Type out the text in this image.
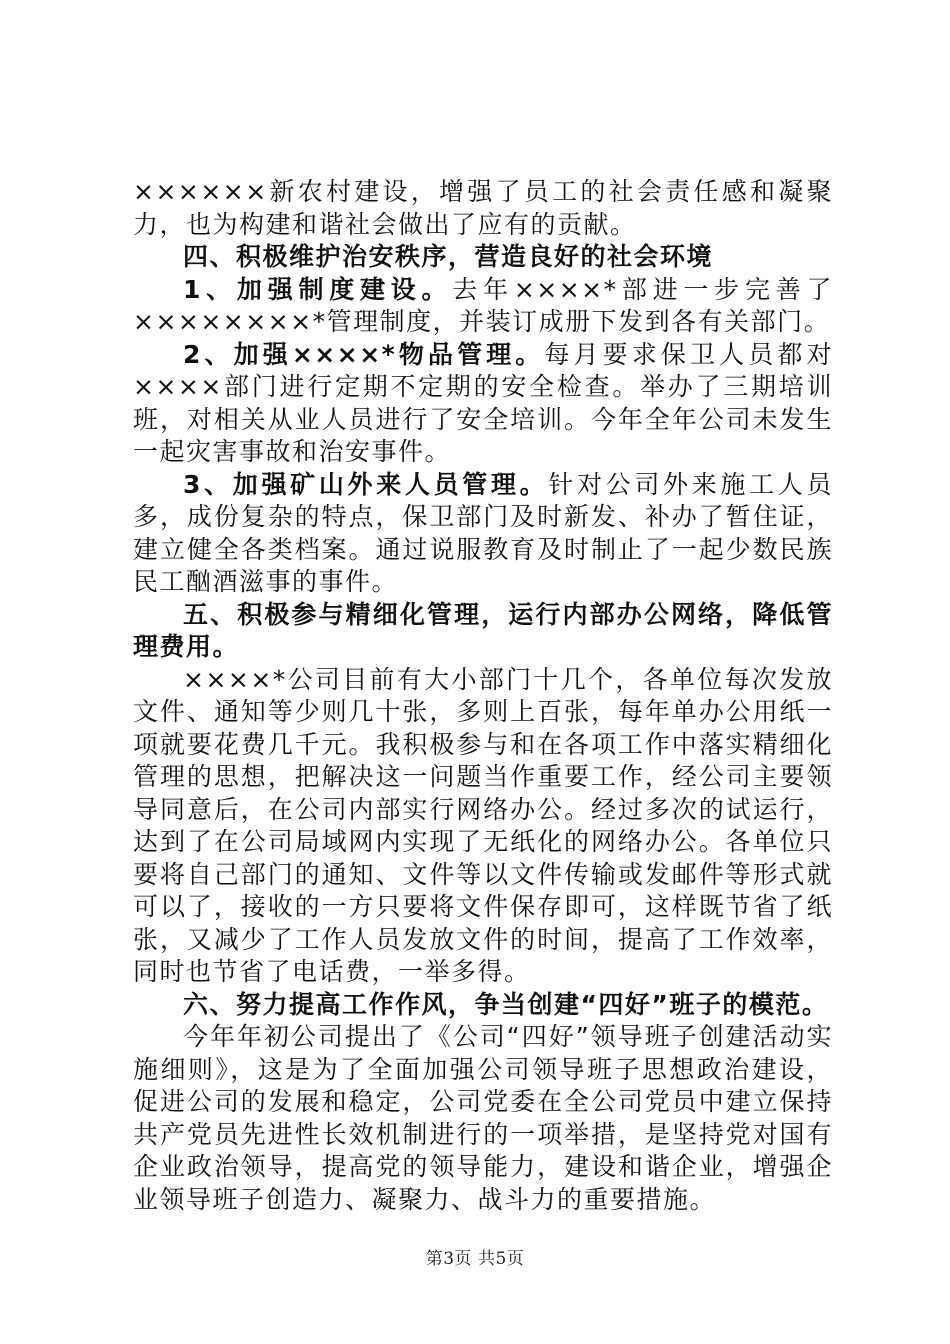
××××××新农村建设，增强了员工的社会责任感和凝聚力，也为构建和谐社会做出了应有的贡献。

四、积极维护治安秩序，营造良好的社会环境

1、加强制度建设。去年××××*部进一步完善了××××××××*管理制度，并装订成册下发到各有关部门。

2、加强××××*物品管理。每月要求保卫人员都对××××部门进行定期不定期的安全检查。举办了三期培训班，对相关从业人员进行了安全培训。今年全年公司未发生一起灾害事故和治安事件。

3、加强矿山外来人员管理。针对公司外来施工人员多，成份复杂的特点，保卫部门及时新发、补办了暂住证，建立健全各类档案。通过说服教育及时制止了一起少数民族民工酗酒滋事的事件。

五、积极参与精细化管理，运行内部办公网络，降低管理费用。

××××*公司目前有大小部门十几个，各单位每次发放文件、通知等少则几十张，多则上百张，每年单办公用纸一项就要花费几千元。我积极参与和在各项工作中落实精细化管理的思想，把解决这一问题当作重要工作，经公司主要领导同意后，在公司内部实行网络办公。经过多次的试运行，达到了在公司局域网内实现了无纸化的网络办公。各单位只要将自己部门的通知、文件等以文件传输或发邮件等形式就可以了，接收的一方只要将文件保存即可，这样既节省了纸张，又减少了工作人员发放文件的时间，提高了工作效率，同时也节省了电话费，一举多得。

六、努力提高工作作风，争当创建“四好”班子的模范。

今年年初公司提出了《公司“四好”领导班子创建活动实施细则》，这是为了全面加强公司领导班子思想政治建设，促进公司的发展和稳定，公司党委在全公司党员中建立保持共产党员先进性长效机制进行的一项举措，是坚持党对国有企业政治领导，提高党的领导能力，建设和谐企业，增强企业领导班子创造力、凝聚力、战斗力的重要措施。

第3页 共5页
